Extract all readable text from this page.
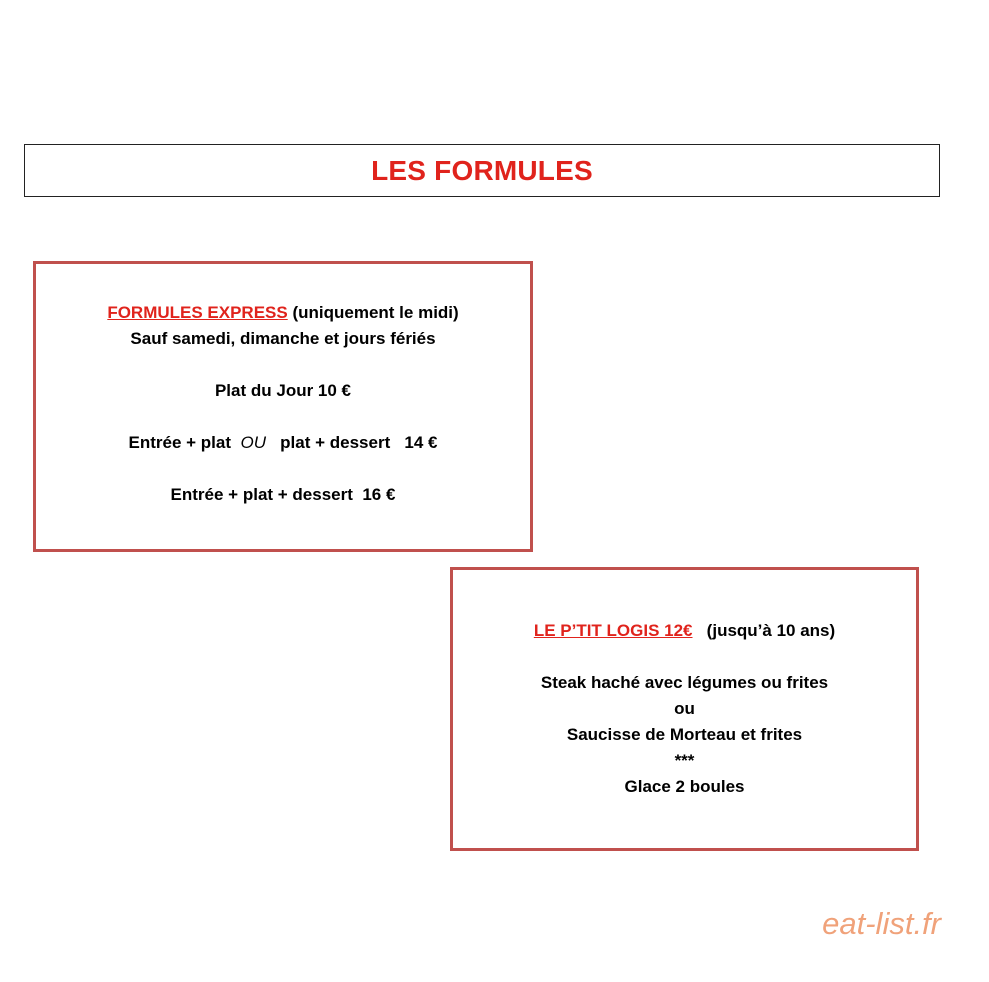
LES FORMULES
FORMULES EXPRESS (uniquement le midi)
Sauf samedi, dimanche et jours fériés
Plat du Jour 10 €
Entrée + plat  OU   plat + dessert   14 €
Entrée + plat + dessert  16 €
LE P’TIT LOGIS 12€   (jusqu’à 10 ans)
Steak haché avec légumes ou frites
ou
Saucisse de Morteau et frites
***
Glace 2 boules
eat-list.fr
